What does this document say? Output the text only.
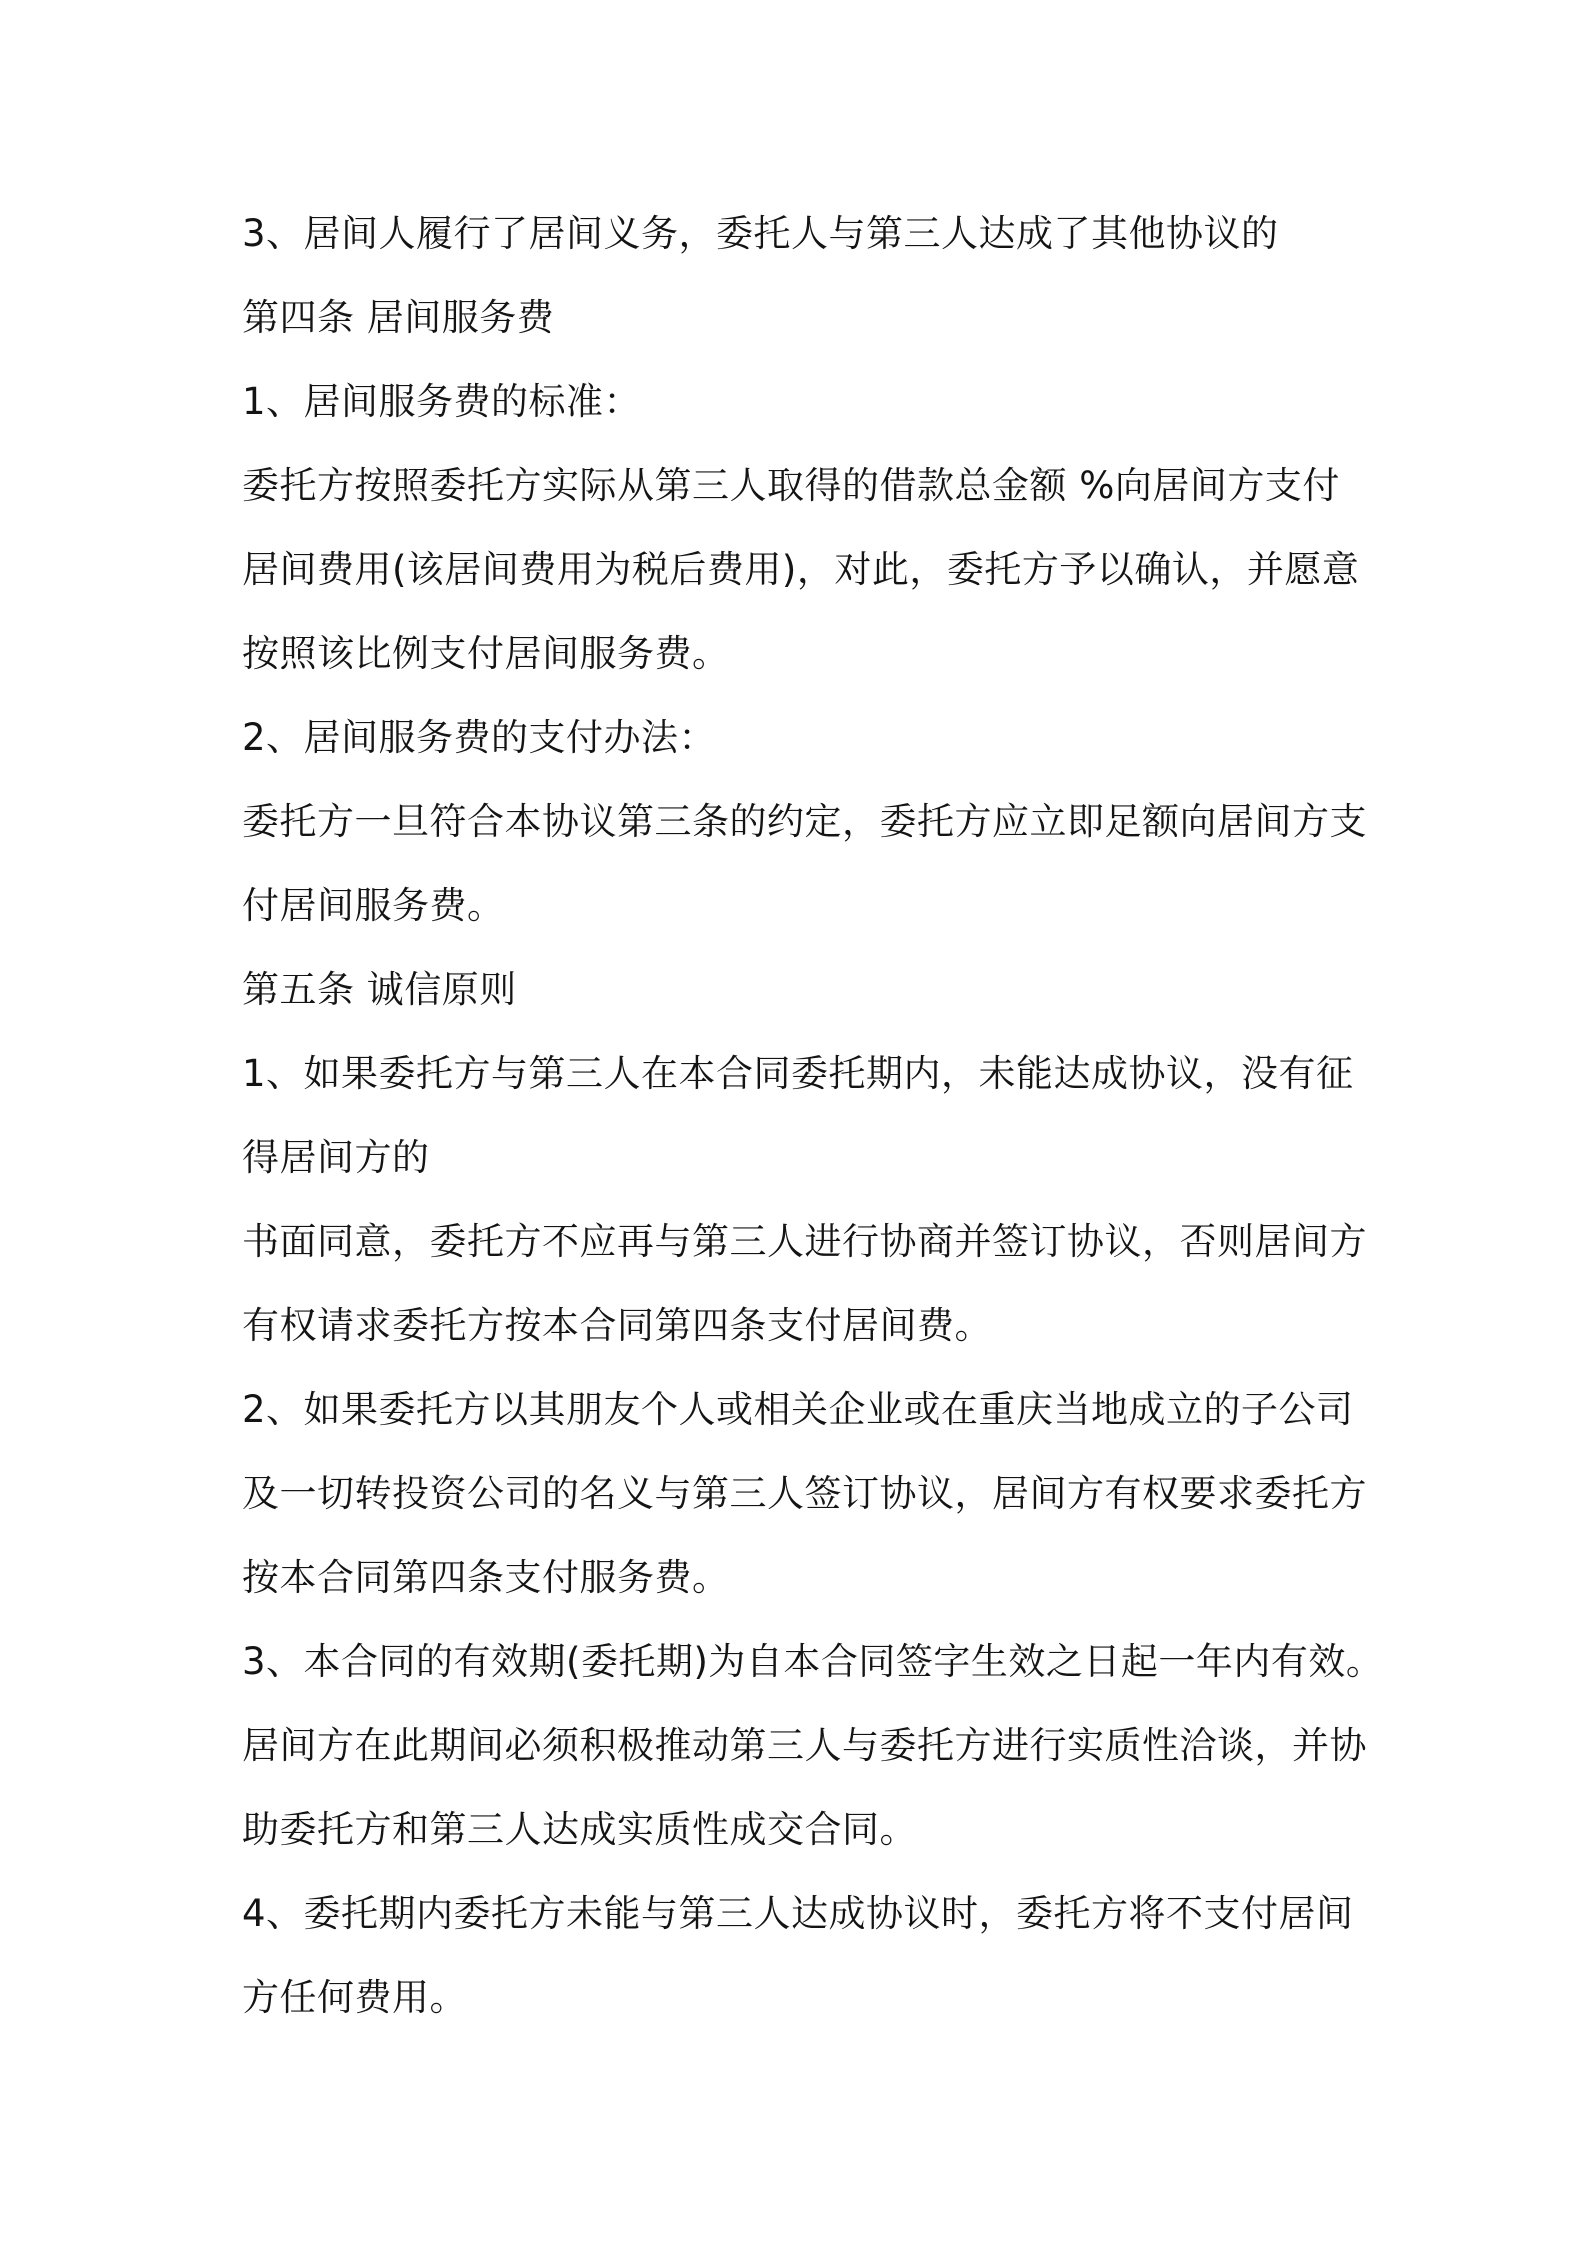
3、居间人履行了居间义务，委托人与第三人达成了其他协议的
第四条 居间服务费
1、居间服务费的标准：
委托方按照委托方实际从第三人取得的借款总金额 %向居间方支付
居间费用(该居间费用为税后费用)，对此，委托方予以确认，并愿意
按照该比例支付居间服务费。
2、居间服务费的支付办法：
委托方一旦符合本协议第三条的约定，委托方应立即足额向居间方支
付居间服务费。
第五条 诚信原则
1、如果委托方与第三人在本合同委托期内，未能达成协议，没有征
得居间方的
书面同意，委托方不应再与第三人进行协商并签订协议，否则居间方
有权请求委托方按本合同第四条支付居间费。
2、如果委托方以其朋友个人或相关企业或在重庆当地成立的子公司
及一切转投资公司的名义与第三人签订协议，居间方有权要求委托方
按本合同第四条支付服务费。
3、本合同的有效期(委托期)为自本合同签字生效之日起一年内有效。
居间方在此期间必须积极推动第三人与委托方进行实质性洽谈，并协
助委托方和第三人达成实质性成交合同。
4、委托期内委托方未能与第三人达成协议时，委托方将不支付居间
方任何费用。
